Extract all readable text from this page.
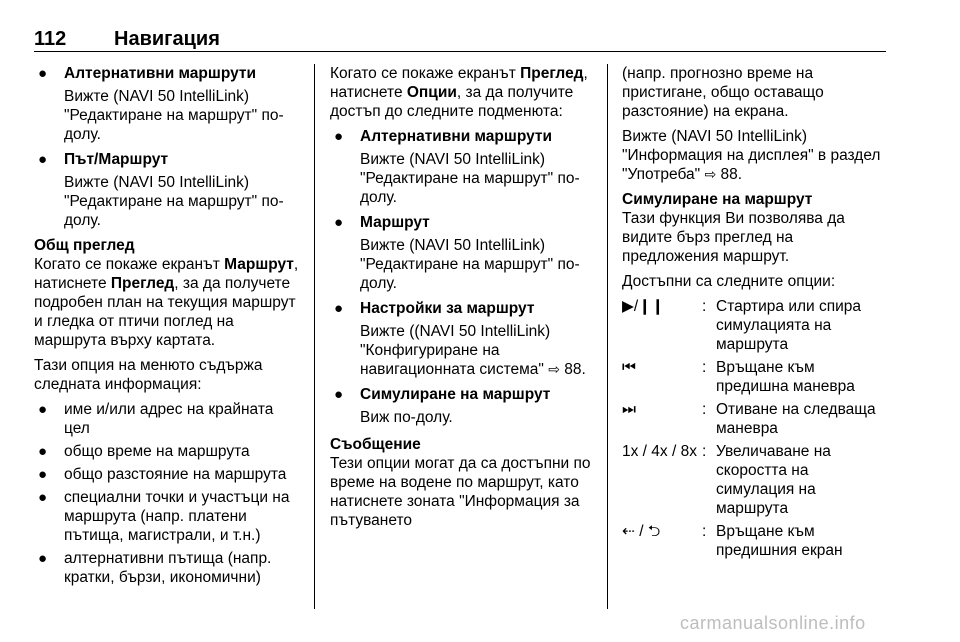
112 Навигация
● Алтернативни маршрути
Вижте (NAVI 50 IntelliLink) "Редактиране на маршрут" по-долу.
● Път/Маршрут
Вижте (NAVI 50 IntelliLink) "Редактиране на маршрут" по-долу.
Общ преглед

Когато се покаже екранът Маршрут, натиснете Преглед, за да получете подробен план на текущия маршрут и гледка от птичи поглед на маршрута върху картата.

Тази опция на менюто съдържа следната информация:

● име и/или адрес на крайната цел
● общо време на маршрута
● общо разстояние на маршрута
● специални точки и участъци на маршрута (напр. платени пътища, магистрали, и т.н.)
● алтернативни пътища (напр. кратки, бързи, икономични)

Когато се покаже екранът Преглед, натиснете Опции, за да получите достъп до следните подменюта:

● Алтернативни маршрути
Вижте (NAVI 50 IntelliLink) "Редактиране на маршрут" по-долу.
● Маршрут
Вижте (NAVI 50 IntelliLink) "Редактиране на маршрут" по-долу.
● Настройки за маршрут
Вижте ((NAVI 50 IntelliLink) "Конфигуриране на навигационната система" ⇨ 88.
● Симулиране на маршрут
Виж по-долу.
Съобщение

Тези опции могат да са достъпни по време на водене по маршрут, като натиснете зоната "Информация за пътуването

(напр. прогнозно време на пристигане, общо оставащо разстояние) на екрана.

Вижте (NAVI 50 IntelliLink) "Информация на дисплея" в раздел "Употреба" ⇨ 88.

Симулиране на маршрут

Тази функция Ви позволява да видите бърз преглед на предложения маршрут.

Достъпни са следните опции:

▶/❙❙	: Стартира или спира симулацията на маршрута
⏮	: Връщане към предишна маневра
⏭	: Отиване на следваща маневра
1x / 4x / 8x : Увеличаване на скоростта на симулация на маршрута
⇠ / ⮌	: Връщане към предишния екран
carmanualsonline.info
